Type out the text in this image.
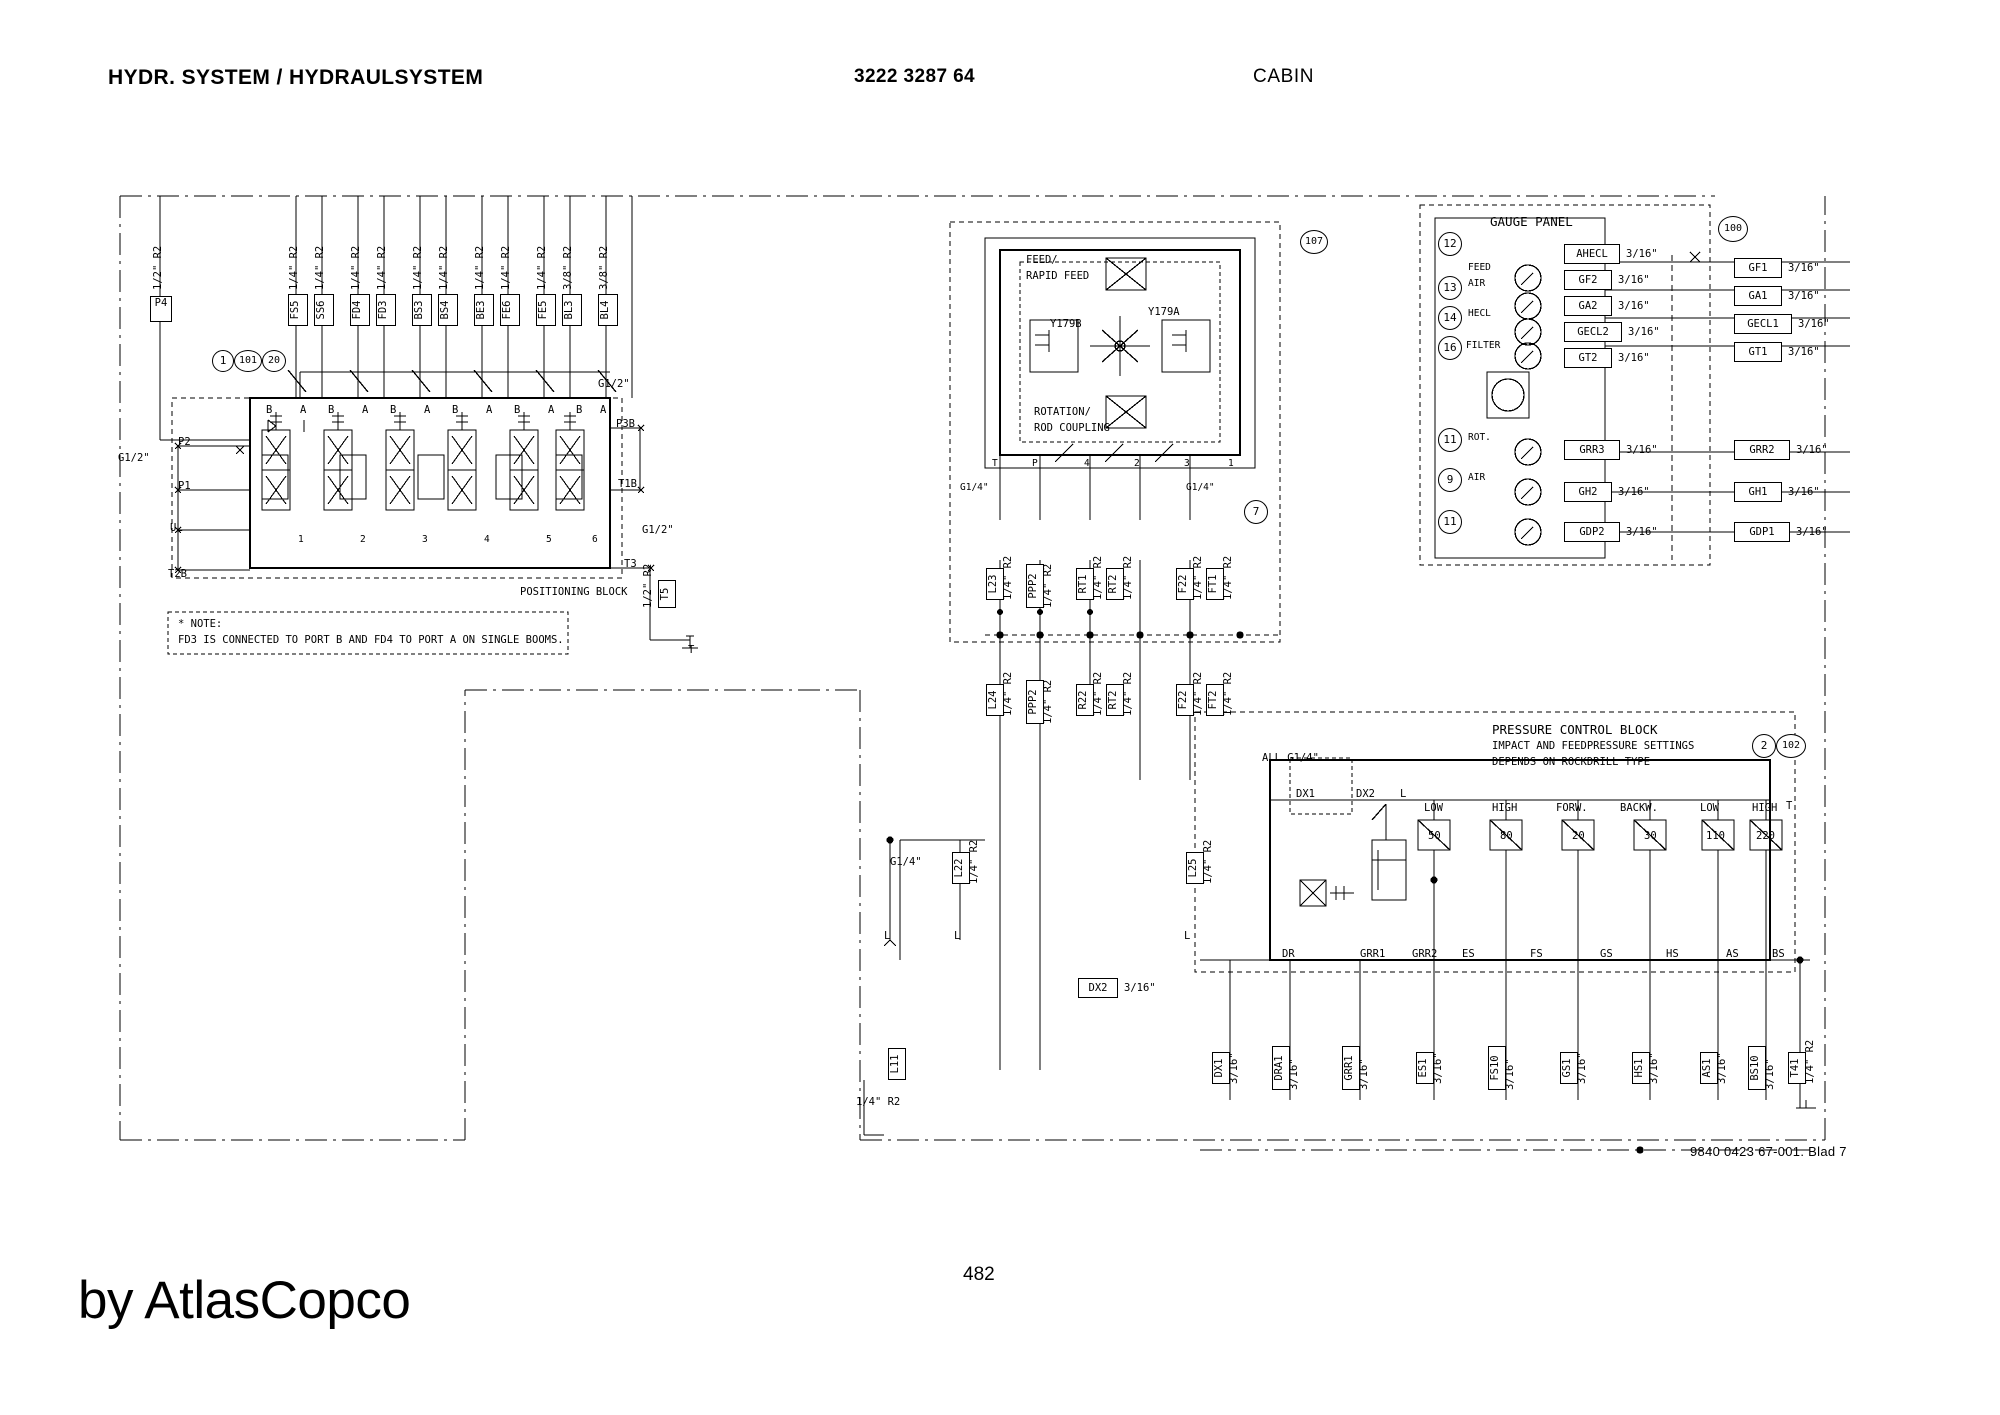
HYDR. SYSTEM / HYDRAULSYSTEM	3222 3287 64	CABIN
1/2" R2
P4
1/4" R2
FS5
1/4" R2
SS6
1/4" R2
FD4
1/4" R2
FD3
1/4" R2
BS3
1/4" R2
BS4
1/4" R2
BE3
1/4" R2
FE6
1/4" R2
FE5
3/8" R2
BL3
3/8" R2
BL4
1	101	20
G1/2"
P2
P1
UL
T2B
G1/2"
P3B
T1B
G1/2"
T3
B	A B	A B	A B	A B	A B A
1	2	3	4	5	6
POSITIONING BLOCK 1/2" R2 T5
T
* NOTE:
FD3 IS CONNECTED TO PORT B AND FD4 TO PORT A ON SINGLE BOOMS.
FEED/
RAPID FEED
ROTATION/
ROD COUPLING
Y179B
Y179A
107
7
T	P	4	2	3	1
G1/4"	G1/4"
L23 1/4" R2 PPP2 1/4" R2 RT1 1/4" R2 RT2 1/4" R2	F22 1/4" R2 FT1 1/4" R2
L24 1/4" R2 PPP2 1/4" R2 R22 1/4" R2 RT2 1/4" R2	F22 1/4" R2 FT2 1/4" R2
G1/4"	L22 1/4" R2
L	L
L25 1/4" R2
L
L11
1/4" R2
DX2	3/16"
GAUGE PANEL	100
12
13
14
16
11
9
11
FEED
AIR
HECL
FILTER
ROT.
AIR
AHECL	3/16"
GF2	3/16"
GA2	3/16"
GECL2	3/16"
GT2	3/16"
GRR3	3/16"
GH2	3/16"
GDP2	3/16"
GF1	3/16"
GA1	3/16"
GECL1	3/16"
GT1	3/16"
GRR2	3/16"
GH1	3/16"
GDP1	3/16"
PRESSURE CONTROL BLOCK
IMPACT AND FEEDPRESSURE SETTINGS
DEPENDS ON ROCKDRILL TYPE
2	102
ALL G1/4"
DX1	DX2 L
T
LOW	HIGH	FORW.	BACKW.	LOW	HIGH
50	80	20	30	110	220
DR	GRR1	GRR2 ES	FS	GS	HS	AS	BS
DX1 3/16"	DRA1 3/16"	GRR1 3/16"	ES1 3/16"	FS10 3/16"	GS1 3/16"	HS1 3/16"	AS1 3/16" BS10 3/16" T41 1/4" R2
9840 0423 67-001. Blad 7
482
by AtlasCopco
